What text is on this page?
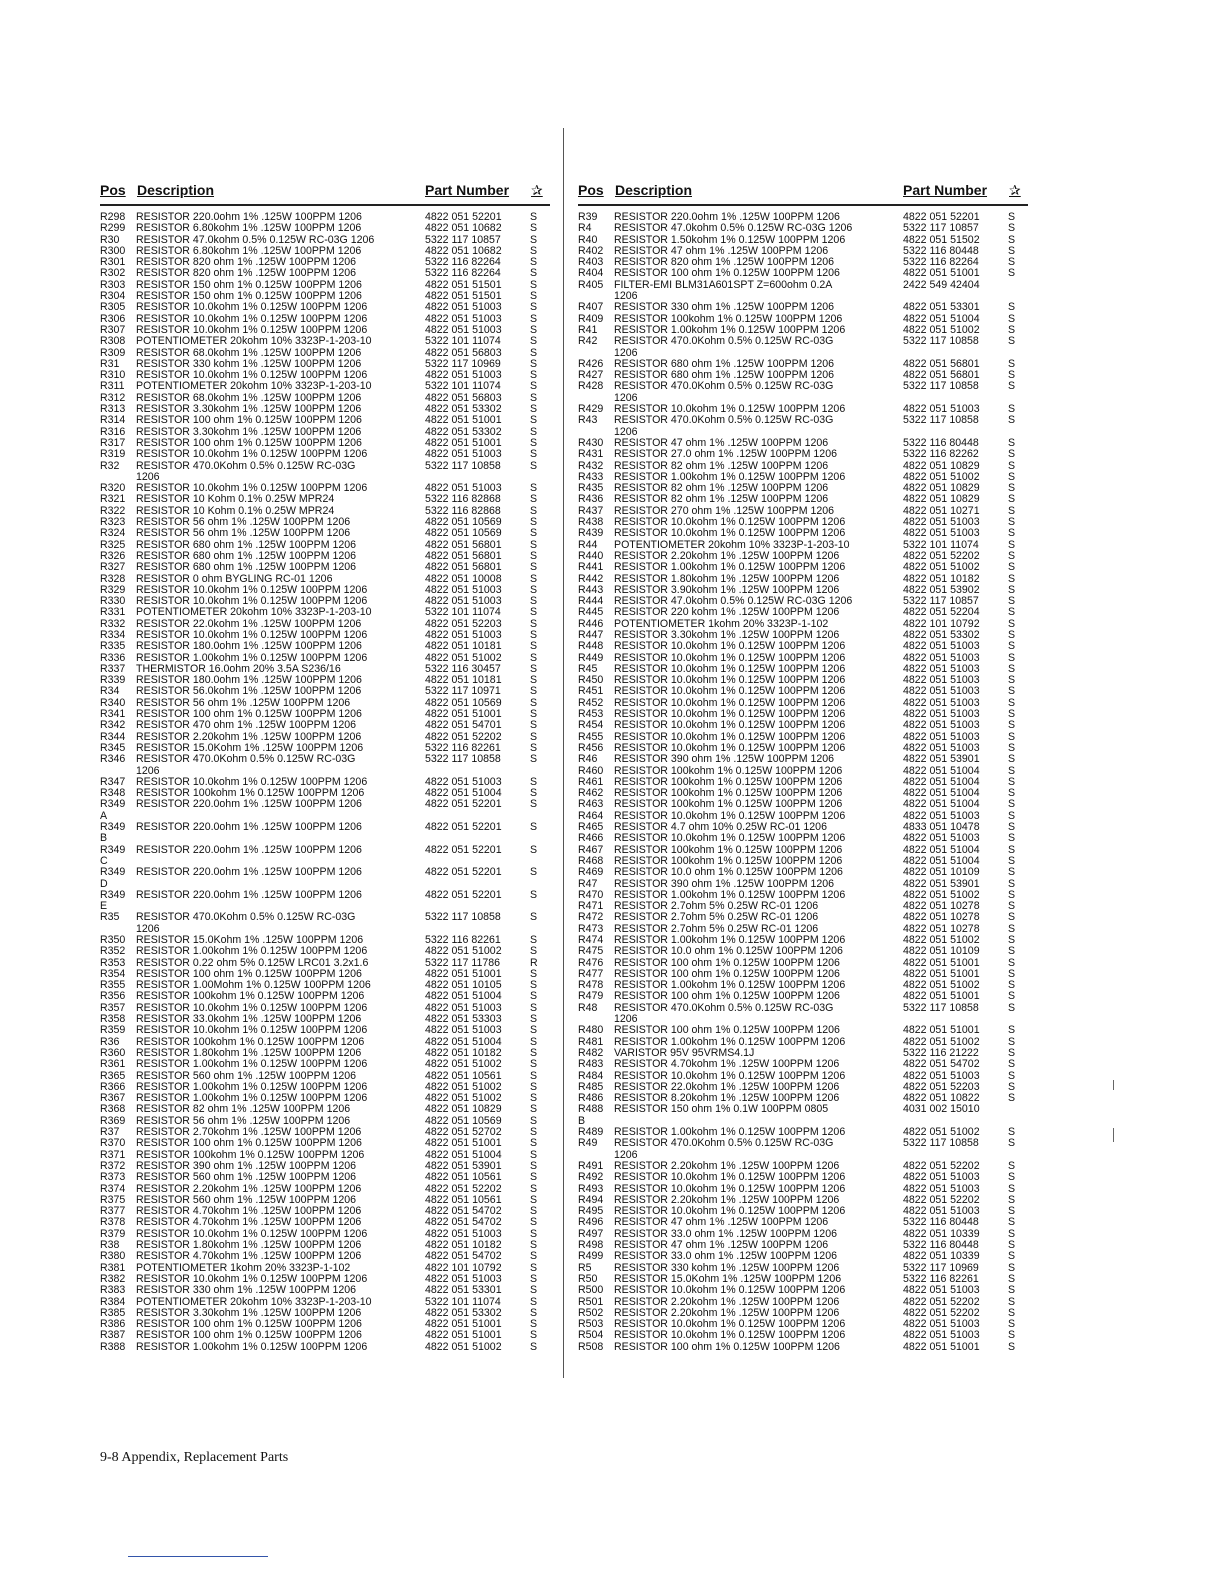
Pos Description	Part Number ✰
R298	RESISTOR 220.0ohm 1% .125W 100PPM 1206	4822 051 52201	S
R299	RESISTOR 6.80kohm 1% .125W 100PPM 1206	4822 051 10682	S
R30	RESISTOR 47.0kohm 0.5% 0.125W RC-03G 1206	5322 117 10857	S
R300	RESISTOR 6.80kohm 1% .125W 100PPM 1206	4822 051 10682	S
R301	RESISTOR 820 ohm 1% .125W 100PPM 1206	5322 116 82264	S
R302	RESISTOR 820 ohm 1% .125W 100PPM 1206	5322 116 82264	S
R303	RESISTOR 150 ohm 1% 0.125W 100PPM 1206	4822 051 51501	S
R304	RESISTOR 150 ohm 1% 0.125W 100PPM 1206	4822 051 51501	S
R305	RESISTOR 10.0kohm 1% 0.125W 100PPM 1206	4822 051 51003	S
R306	RESISTOR 10.0kohm 1% 0.125W 100PPM 1206	4822 051 51003	S
R307	RESISTOR 10.0kohm 1% 0.125W 100PPM 1206	4822 051 51003	S
R308	POTENTIOMETER 20kohm 10% 3323P-1-203-10	5322 101 11074	S
R309	RESISTOR 68.0kohm 1% .125W 100PPM 1206	4822 051 56803	S
R31	RESISTOR 330 kohm 1% .125W 100PPM 1206	5322 117 10969	S
R310	RESISTOR 10.0kohm 1% 0.125W 100PPM 1206	4822 051 51003	S
R311	POTENTIOMETER 20kohm 10% 3323P-1-203-10	5322 101 11074	S
R312	RESISTOR 68.0kohm 1% .125W 100PPM 1206	4822 051 56803	S
R313	RESISTOR 3.30kohm 1% .125W 100PPM 1206	4822 051 53302	S
R314	RESISTOR 100 ohm 1% 0.125W 100PPM 1206	4822 051 51001	S
R316	RESISTOR 3.30kohm 1% .125W 100PPM 1206	4822 051 53302	S
R317	RESISTOR 100 ohm 1% 0.125W 100PPM 1206	4822 051 51001	S
R319	RESISTOR 10.0kohm 1% 0.125W 100PPM 1206	4822 051 51003	S
R32	RESISTOR 470.0Kohm 0.5% 0.125W RC-03G	5322 117 10858	S
1206
R320	RESISTOR 10.0kohm 1% 0.125W 100PPM 1206	4822 051 51003	S
R321	RESISTOR 10 Kohm 0.1% 0.25W MPR24	5322 116 82868	S
R322	RESISTOR 10 Kohm 0.1% 0.25W MPR24	5322 116 82868	S
R323	RESISTOR 56 ohm 1% .125W 100PPM 1206	4822 051 10569	S
R324	RESISTOR 56 ohm 1% .125W 100PPM 1206	4822 051 10569	S
R325	RESISTOR 680 ohm 1% .125W 100PPM 1206	4822 051 56801	S
R326	RESISTOR 680 ohm 1% .125W 100PPM 1206	4822 051 56801	S
R327	RESISTOR 680 ohm 1% .125W 100PPM 1206	4822 051 56801	S
R328	RESISTOR 0 ohm BYGLING RC-01 1206	4822 051 10008	S
R329	RESISTOR 10.0kohm 1% 0.125W 100PPM 1206	4822 051 51003	S
R330	RESISTOR 10.0kohm 1% 0.125W 100PPM 1206	4822 051 51003	S
R331	POTENTIOMETER 20kohm 10% 3323P-1-203-10	5322 101 11074	S
R332	RESISTOR 22.0kohm 1% .125W 100PPM 1206	4822 051 52203	S
R334	RESISTOR 10.0kohm 1% 0.125W 100PPM 1206	4822 051 51003	S
R335	RESISTOR 180.0ohm 1% .125W 100PPM 1206	4822 051 10181	S
R336	RESISTOR 1.00kohm 1% 0.125W 100PPM 1206	4822 051 51002	S
R337	THERMISTOR 16.0ohm 20% 3.5A S236/16	5322 116 30457	S
R339	RESISTOR 180.0ohm 1% .125W 100PPM 1206	4822 051 10181	S
R34	RESISTOR 56.0kohm 1% .125W 100PPM 1206	5322 117 10971	S
R340	RESISTOR 56 ohm 1% .125W 100PPM 1206	4822 051 10569	S
R341	RESISTOR 100 ohm 1% 0.125W 100PPM 1206	4822 051 51001	S
R342	RESISTOR 470 ohm 1% .125W 100PPM 1206	4822 051 54701	S
R344	RESISTOR 2.20kohm 1% .125W 100PPM 1206	4822 051 52202	S
R345	RESISTOR 15.0Kohm 1% .125W 100PPM 1206	5322 116 82261	S
R346	RESISTOR 470.0Kohm 0.5% 0.125W RC-03G	5322 117 10858	S
1206
R347	RESISTOR 10.0kohm 1% 0.125W 100PPM 1206	4822 051 51003	S
R348	RESISTOR 100kohm 1% 0.125W 100PPM 1206	4822 051 51004	S
R349	RESISTOR 220.0ohm 1% .125W 100PPM 1206	4822 051 52201	S
A
R349	RESISTOR 220.0ohm 1% .125W 100PPM 1206	4822 051 52201	S
B
R349	RESISTOR 220.0ohm 1% .125W 100PPM 1206	4822 051 52201	S
C
R349	RESISTOR 220.0ohm 1% .125W 100PPM 1206	4822 051 52201	S
D
R349	RESISTOR 220.0ohm 1% .125W 100PPM 1206	4822 051 52201	S
E
R35	RESISTOR 470.0Kohm 0.5% 0.125W RC-03G	5322 117 10858	S
1206
R350	RESISTOR 15.0Kohm 1% .125W 100PPM 1206	5322 116 82261	S
R352	RESISTOR 1.00kohm 1% 0.125W 100PPM 1206	4822 051 51002	S
R353	RESISTOR 0.22 ohm 5% 0.125W LRC01 3.2x1.6	5322 117 11786	R
R354	RESISTOR 100 ohm 1% 0.125W 100PPM 1206	4822 051 51001	S
R355	RESISTOR 1.00Mohm 1% 0.125W 100PPM 1206	4822 051 10105	S
R356	RESISTOR 100kohm 1% 0.125W 100PPM 1206	4822 051 51004	S
R357	RESISTOR 10.0kohm 1% 0.125W 100PPM 1206	4822 051 51003	S
R358	RESISTOR 33.0kohm 1% .125W 100PPM 1206	4822 051 53303	S
R359	RESISTOR 10.0kohm 1% 0.125W 100PPM 1206	4822 051 51003	S
R36	RESISTOR 100kohm 1% 0.125W 100PPM 1206	4822 051 51004	S
R360	RESISTOR 1.80kohm 1% .125W 100PPM 1206	4822 051 10182	S
R361	RESISTOR 1.00kohm 1% 0.125W 100PPM 1206	4822 051 51002	S
R365	RESISTOR 560 ohm 1% .125W 100PPM 1206	4822 051 10561	S
R366	RESISTOR 1.00kohm 1% 0.125W 100PPM 1206	4822 051 51002	S
R367	RESISTOR 1.00kohm 1% 0.125W 100PPM 1206	4822 051 51002	S
R368	RESISTOR 82 ohm 1% .125W 100PPM 1206	4822 051 10829	S
R369	RESISTOR 56 ohm 1% .125W 100PPM 1206	4822 051 10569	S
R37	RESISTOR 2.70kohm 1% .125W 100PPM 1206	4822 051 52702	S
R370	RESISTOR 100 ohm 1% 0.125W 100PPM 1206	4822 051 51001	S
R371	RESISTOR 100kohm 1% 0.125W 100PPM 1206	4822 051 51004	S
R372	RESISTOR 390 ohm 1% .125W 100PPM 1206	4822 051 53901	S
R373	RESISTOR 560 ohm 1% .125W 100PPM 1206	4822 051 10561	S
R374	RESISTOR 2.20kohm 1% .125W 100PPM 1206	4822 051 52202	S
R375	RESISTOR 560 ohm 1% .125W 100PPM 1206	4822 051 10561	S
R377	RESISTOR 4.70kohm 1% .125W 100PPM 1206	4822 051 54702	S
R378	RESISTOR 4.70kohm 1% .125W 100PPM 1206	4822 051 54702	S
R379	RESISTOR 10.0kohm 1% 0.125W 100PPM 1206	4822 051 51003	S
R38	RESISTOR 1.80kohm 1% .125W 100PPM 1206	4822 051 10182	S
R380	RESISTOR 4.70kohm 1% .125W 100PPM 1206	4822 051 54702	S
R381	POTENTIOMETER 1kohm 20% 3323P-1-102	4822 101 10792	S
R382	RESISTOR 10.0kohm 1% 0.125W 100PPM 1206	4822 051 51003	S
R383	RESISTOR 330 ohm 1% .125W 100PPM 1206	4822 051 53301	S
R384	POTENTIOMETER 20kohm 10% 3323P-1-203-10	5322 101 11074	S
R385	RESISTOR 3.30kohm 1% .125W 100PPM 1206	4822 051 53302	S
R386	RESISTOR 100 ohm 1% 0.125W 100PPM 1206	4822 051 51001	S
R387	RESISTOR 100 ohm 1% 0.125W 100PPM 1206	4822 051 51001	S
R388	RESISTOR 1.00kohm 1% 0.125W 100PPM 1206	4822 051 51002	S
Pos Description	Part Number ✰
R39	RESISTOR 220.0ohm 1% .125W 100PPM 1206	4822 051 52201	S
R4	RESISTOR 47.0kohm 0.5% 0.125W RC-03G 1206	5322 117 10857	S
R40	RESISTOR 1.50kohm 1% 0.125W 100PPM 1206	4822 051 51502	S
R402	RESISTOR 47 ohm 1% .125W 100PPM 1206	5322 116 80448	S
R403	RESISTOR 820 ohm 1% .125W 100PPM 1206	5322 116 82264	S
R404	RESISTOR 100 ohm 1% 0.125W 100PPM 1206	4822 051 51001	S
R405	FILTER-EMI BLM31A601SPT Z=600ohm 0.2A	2422 549 42404
1206
R407	RESISTOR 330 ohm 1% .125W 100PPM 1206	4822 051 53301	S
R409	RESISTOR 100kohm 1% 0.125W 100PPM 1206	4822 051 51004	S
R41	RESISTOR 1.00kohm 1% 0.125W 100PPM 1206	4822 051 51002	S
R42	RESISTOR 470.0Kohm 0.5% 0.125W RC-03G	5322 117 10858	S
1206
R426	RESISTOR 680 ohm 1% .125W 100PPM 1206	4822 051 56801	S
R427	RESISTOR 680 ohm 1% .125W 100PPM 1206	4822 051 56801	S
R428	RESISTOR 470.0Kohm 0.5% 0.125W RC-03G	5322 117 10858	S
1206
R429	RESISTOR 10.0kohm 1% 0.125W 100PPM 1206	4822 051 51003	S
R43	RESISTOR 470.0Kohm 0.5% 0.125W RC-03G	5322 117 10858	S
1206
R430	RESISTOR 47 ohm 1% .125W 100PPM 1206	5322 116 80448	S
R431	RESISTOR 27.0 ohm 1% .125W 100PPM 1206	5322 116 82262	S
R432	RESISTOR 82 ohm 1% .125W 100PPM 1206	4822 051 10829	S
R433	RESISTOR 1.00kohm 1% 0.125W 100PPM 1206	4822 051 51002	S
R435	RESISTOR 82 ohm 1% .125W 100PPM 1206	4822 051 10829	S
R436	RESISTOR 82 ohm 1% .125W 100PPM 1206	4822 051 10829	S
R437	RESISTOR 270 ohm 1% .125W 100PPM 1206	4822 051 10271	S
R438	RESISTOR 10.0kohm 1% 0.125W 100PPM 1206	4822 051 51003	S
R439	RESISTOR 10.0kohm 1% 0.125W 100PPM 1206	4822 051 51003	S
R44	POTENTIOMETER 20kohm 10% 3323P-1-203-10	5322 101 11074	S
R440	RESISTOR 2.20kohm 1% .125W 100PPM 1206	4822 051 52202	S
R441	RESISTOR 1.00kohm 1% 0.125W 100PPM 1206	4822 051 51002	S
R442	RESISTOR 1.80kohm 1% .125W 100PPM 1206	4822 051 10182	S
R443	RESISTOR 3.90kohm 1% .125W 100PPM 1206	4822 051 53902	S
R444	RESISTOR 47.0kohm 0.5% 0.125W RC-03G 1206	5322 117 10857	S
R445	RESISTOR 220 kohm 1% .125W 100PPM 1206	4822 051 52204	S
R446	POTENTIOMETER 1kohm 20% 3323P-1-102	4822 101 10792	S
R447	RESISTOR 3.30kohm 1% .125W 100PPM 1206	4822 051 53302	S
R448	RESISTOR 10.0kohm 1% 0.125W 100PPM 1206	4822 051 51003	S
R449	RESISTOR 10.0kohm 1% 0.125W 100PPM 1206	4822 051 51003	S
R45	RESISTOR 10.0kohm 1% 0.125W 100PPM 1206	4822 051 51003	S
R450	RESISTOR 10.0kohm 1% 0.125W 100PPM 1206	4822 051 51003	S
R451	RESISTOR 10.0kohm 1% 0.125W 100PPM 1206	4822 051 51003	S
R452	RESISTOR 10.0kohm 1% 0.125W 100PPM 1206	4822 051 51003	S
R453	RESISTOR 10.0kohm 1% 0.125W 100PPM 1206	4822 051 51003	S
R454	RESISTOR 10.0kohm 1% 0.125W 100PPM 1206	4822 051 51003	S
R455	RESISTOR 10.0kohm 1% 0.125W 100PPM 1206	4822 051 51003	S
R456	RESISTOR 10.0kohm 1% 0.125W 100PPM 1206	4822 051 51003	S
R46	RESISTOR 390 ohm 1% .125W 100PPM 1206	4822 051 53901	S
R460	RESISTOR 100kohm 1% 0.125W 100PPM 1206	4822 051 51004	S
R461	RESISTOR 100kohm 1% 0.125W 100PPM 1206	4822 051 51004	S
R462	RESISTOR 100kohm 1% 0.125W 100PPM 1206	4822 051 51004	S
R463	RESISTOR 100kohm 1% 0.125W 100PPM 1206	4822 051 51004	S
R464	RESISTOR 10.0kohm 1% 0.125W 100PPM 1206	4822 051 51003	S
R465	RESISTOR 4.7 ohm 10% 0.25W RC-01 1206	4833 051 10478	S
R466	RESISTOR 10.0kohm 1% 0.125W 100PPM 1206	4822 051 51003	S
R467	RESISTOR 100kohm 1% 0.125W 100PPM 1206	4822 051 51004	S
R468	RESISTOR 100kohm 1% 0.125W 100PPM 1206	4822 051 51004	S
R469	RESISTOR 10.0 ohm 1% 0.125W 100PPM 1206	4822 051 10109	S
R47	RESISTOR 390 ohm 1% .125W 100PPM 1206	4822 051 53901	S
R470	RESISTOR 1.00kohm 1% 0.125W 100PPM 1206	4822 051 51002	S
R471	RESISTOR 2.7ohm 5% 0.25W RC-01 1206	4822 051 10278	S
R472	RESISTOR 2.7ohm 5% 0.25W RC-01 1206	4822 051 10278	S
R473	RESISTOR 2.7ohm 5% 0.25W RC-01 1206	4822 051 10278	S
R474	RESISTOR 1.00kohm 1% 0.125W 100PPM 1206	4822 051 51002	S
R475	RESISTOR 10.0 ohm 1% 0.125W 100PPM 1206	4822 051 10109	S
R476	RESISTOR 100 ohm 1% 0.125W 100PPM 1206	4822 051 51001	S
R477	RESISTOR 100 ohm 1% 0.125W 100PPM 1206	4822 051 51001	S
R478	RESISTOR 1.00kohm 1% 0.125W 100PPM 1206	4822 051 51002	S
R479	RESISTOR 100 ohm 1% 0.125W 100PPM 1206	4822 051 51001	S
R48	RESISTOR 470.0Kohm 0.5% 0.125W RC-03G	5322 117 10858	S
1206
R480	RESISTOR 100 ohm 1% 0.125W 100PPM 1206	4822 051 51001	S
R481	RESISTOR 1.00kohm 1% 0.125W 100PPM 1206	4822 051 51002	S
R482	VARISTOR 95V 95VRMS4.1J	5322 116 21222	S
R483	RESISTOR 4.70kohm 1% .125W 100PPM 1206	4822 051 54702	S
R484	RESISTOR 10.0kohm 1% 0.125W 100PPM 1206	4822 051 51003	S
R485	RESISTOR 22.0kohm 1% .125W 100PPM 1206	4822 051 52203	S
R486	RESISTOR 8.20kohm 1% .125W 100PPM 1206	4822 051 10822	S
R488	RESISTOR 150 ohm 1% 0.1W 100PPM 0805	4031 002 15010
B
R489	RESISTOR 1.00kohm 1% 0.125W 100PPM 1206	4822 051 51002	S
R49	RESISTOR 470.0Kohm 0.5% 0.125W RC-03G	5322 117 10858	S
1206
R491	RESISTOR 2.20kohm 1% .125W 100PPM 1206	4822 051 52202	S
R492	RESISTOR 10.0kohm 1% 0.125W 100PPM 1206	4822 051 51003	S
R493	RESISTOR 10.0kohm 1% 0.125W 100PPM 1206	4822 051 51003	S
R494	RESISTOR 2.20kohm 1% .125W 100PPM 1206	4822 051 52202	S
R495	RESISTOR 10.0kohm 1% 0.125W 100PPM 1206	4822 051 51003	S
R496	RESISTOR 47 ohm 1% .125W 100PPM 1206	5322 116 80448	S
R497	RESISTOR 33.0 ohm 1% .125W 100PPM 1206	4822 051 10339	S
R498	RESISTOR 47 ohm 1% .125W 100PPM 1206	5322 116 80448	S
R499	RESISTOR 33.0 ohm 1% .125W 100PPM 1206	4822 051 10339	S
R5	RESISTOR 330 kohm 1% .125W 100PPM 1206	5322 117 10969	S
R50	RESISTOR 15.0Kohm 1% .125W 100PPM 1206	5322 116 82261	S
R500	RESISTOR 10.0kohm 1% 0.125W 100PPM 1206	4822 051 51003	S
R501	RESISTOR 2.20kohm 1% .125W 100PPM 1206	4822 051 52202	S
R502	RESISTOR 2.20kohm 1% .125W 100PPM 1206	4822 051 52202	S
R503	RESISTOR 10.0kohm 1% 0.125W 100PPM 1206	4822 051 51003	S
R504	RESISTOR 10.0kohm 1% 0.125W 100PPM 1206	4822 051 51003	S
R508	RESISTOR 100 ohm 1% 0.125W 100PPM 1206	4822 051 51001	S
9-8 Appendix, Replacement Parts
